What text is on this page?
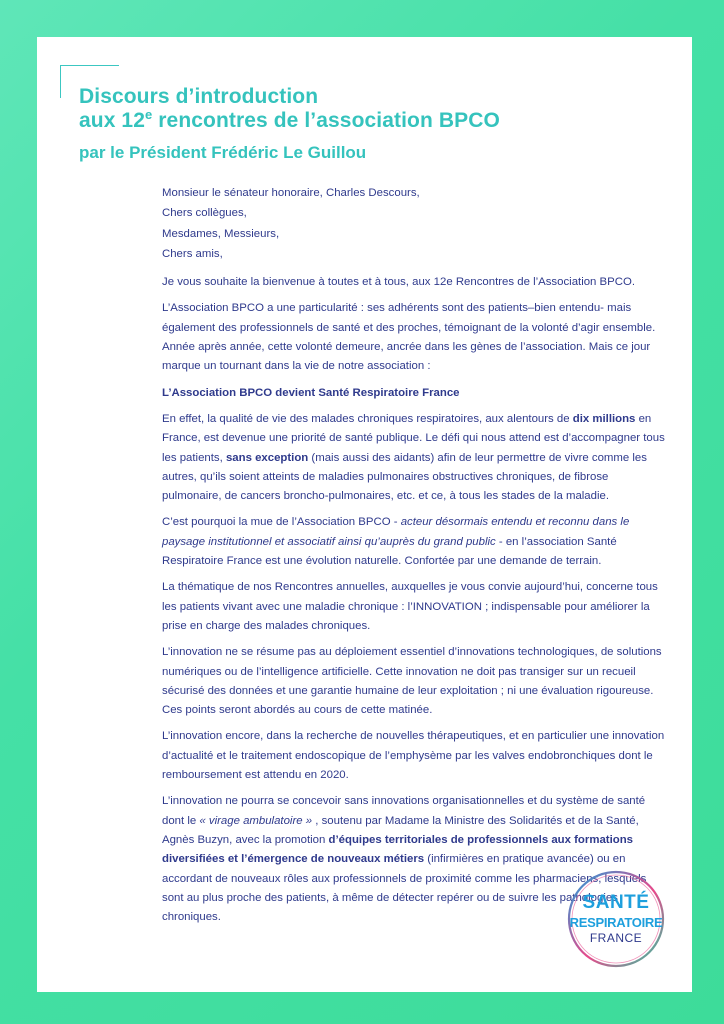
Discours d’introduction
aux 12e rencontres de l’association BPCO
par le Président Frédéric Le Guillou

Monsieur le sénateur honoraire, Charles Descours,

Chers collègues,

Mesdames, Messieurs,

Chers amis,

Je vous souhaite la bienvenue à toutes et à tous, aux 12e Rencontres de l’Association BPCO.

L’Association BPCO a une particularité : ses adhérents sont des patients–bien entendu- mais également des professionnels de santé et des proches, témoignant de la volonté d’agir ensemble. Année après année, cette volonté demeure, ancrée dans les gènes de l’association. Mais ce jour marque un tournant dans la vie de notre association :

L’Association BPCO devient Santé Respiratoire France

En effet, la qualité de vie des malades chroniques respiratoires, aux alentours de dix millions en France, est devenue une priorité de santé publique. Le défi qui nous attend est d’accompagner tous les patients, sans exception (mais aussi des aidants) afin de leur permettre de vivre comme les autres, qu’ils soient atteints de maladies pulmonaires obstructives chroniques, de fibrose pulmonaire, de cancers broncho-pulmonaires, etc. et ce, à tous les stades de la maladie.

C’est pourquoi la mue de l’Association BPCO - acteur désormais entendu et reconnu dans le paysage institutionnel et associatif ainsi qu’auprès du grand public - en l’association Santé Respiratoire France est une évolution naturelle. Confortée par une demande de terrain.

La thématique de nos Rencontres annuelles, auxquelles je vous convie aujourd’hui, concerne tous les patients vivant avec une maladie chronique : l’INNOVATION ; indispensable pour améliorer la prise en charge des malades chroniques.

L’innovation ne se résume pas au déploiement essentiel d’innovations technologiques, de solutions numériques ou de l’intelligence artificielle. Cette innovation ne doit pas transiger sur un recueil sécurisé des données et une garantie humaine de leur exploitation ; ni une évaluation rigoureuse. Ces points seront abordés au cours de cette matinée.

L’innovation encore, dans la recherche de nouvelles thérapeutiques, et en particulier une innovation d’actualité et le traitement endoscopique de l’emphysème par les valves endobronchiques dont le remboursement est attendu en 2020.

L’innovation ne pourra se concevoir sans innovations organisationnelles et du système de santé dont le « virage ambulatoire » , soutenu par Madame la Ministre des Solidarités et de la Santé, Agnès Buzyn, avec la promotion d’équipes territoriales de professionnels aux formations diversifiées et l’émergence de nouveaux métiers (infirmières en pratique avancée) ou en accordant de nouveaux rôles aux professionnels de proximité comme les pharmaciens, lesquels sont au plus proche des patients, à même de détecter repérer ou de suivre les pathologies chroniques.

SANTÉ
RESPIRATOIRE
FRANCE
